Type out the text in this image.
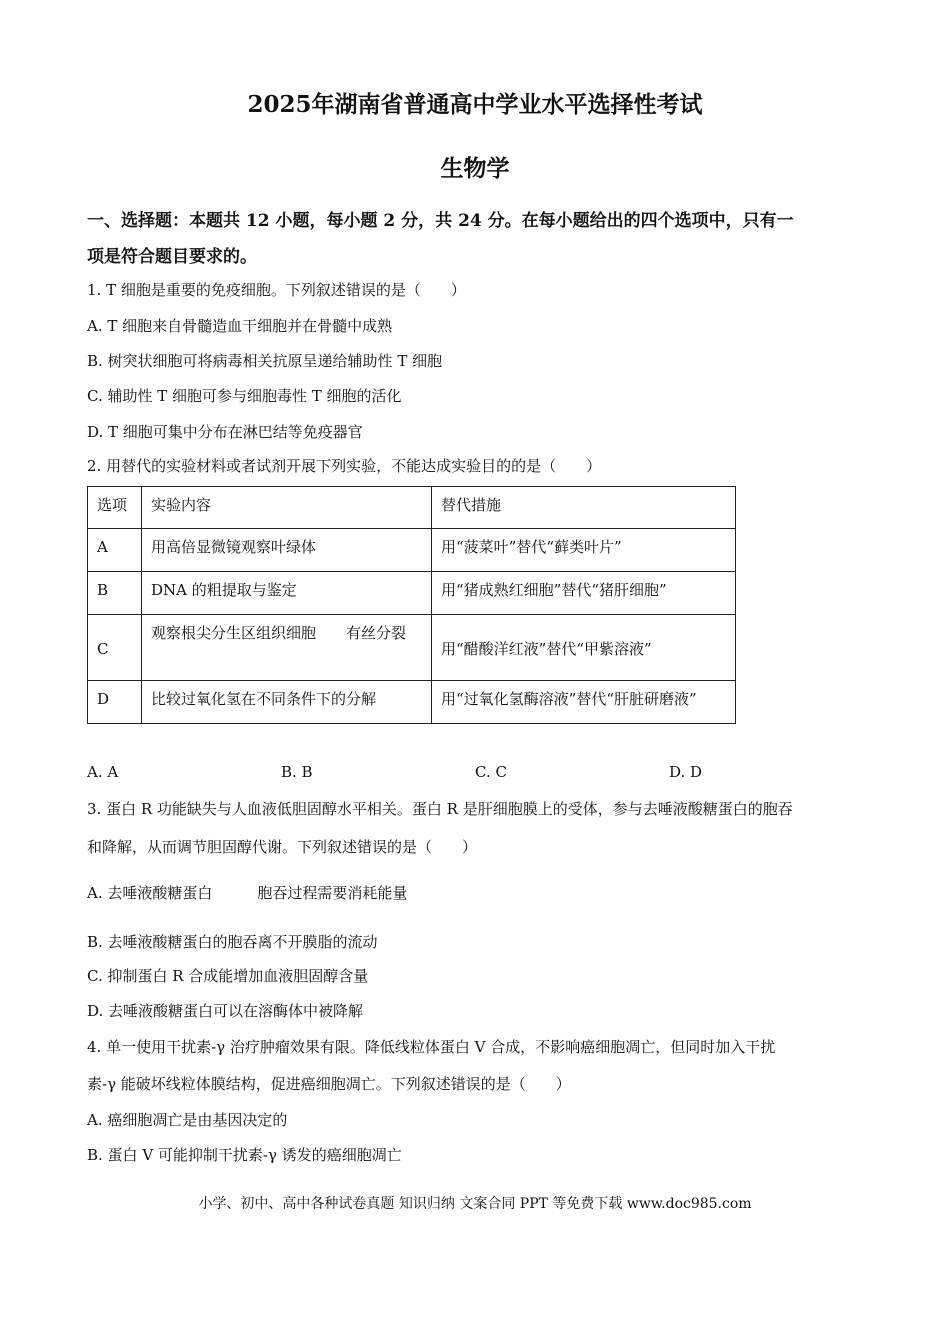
2025年湖南省普通高中学业水平选择性考试
生物学
一、选择题：本题共 12 小题，每小题 2 分，共 24 分。在每小题给出的四个选项中，只有一
项是符合题目要求的。
1. T 细胞是重要的免疫细胞。下列叙述错误的是（　　）
A. T 细胞来自骨髓造血干细胞并在骨髓中成熟
B. 树突状细胞可将病毒相关抗原呈递给辅助性 T 细胞
C. 辅助性 T 细胞可参与细胞毒性 T 细胞的活化
D. T 细胞可集中分布在淋巴结等免疫器官
2. 用替代的实验材料或者试剂开展下列实验，不能达成实验目的的是（　　）
选项	实验内容	替代措施
A	用高倍显微镜观察叶绿体	用“菠菜叶”替代“藓类叶片”
B	DNA 的粗提取与鉴定	用“猪成熟红细胞”替代“猪肝细胞”
C	观察根尖分生区组织细胞　　有丝分裂	用“醋酸洋红液”替代“甲紫溶液”
D	比较过氧化氢在不同条件下的分解	用“过氧化氢酶溶液”替代“肝脏研磨液”
A. A	B. B	C. C	D. D
3. 蛋白 R 功能缺失与人血液低胆固醇水平相关。蛋白 R 是肝细胞膜上的受体，参与去唾液酸糖蛋白的胞吞
和降解，从而调节胆固醇代谢。下列叙述错误的是（　　）
A. 去唾液酸糖蛋白　　　胞吞过程需要消耗能量
B. 去唾液酸糖蛋白的胞吞离不开膜脂的流动
C. 抑制蛋白 R 合成能增加血液胆固醇含量
D. 去唾液酸糖蛋白可以在溶酶体中被降解
4. 单一使用干扰素-γ 治疗肿瘤效果有限。降低线粒体蛋白 V 合成，不影响癌细胞凋亡，但同时加入干扰
素-γ 能破坏线粒体膜结构，促进癌细胞凋亡。下列叙述错误的是（　　）
A. 癌细胞凋亡是由基因决定的
B. 蛋白 V 可能抑制干扰素-γ 诱发的癌细胞凋亡
小学、初中、高中各种试卷真题 知识归纳 文案合同 PPT 等免费下载 www.doc985.com
